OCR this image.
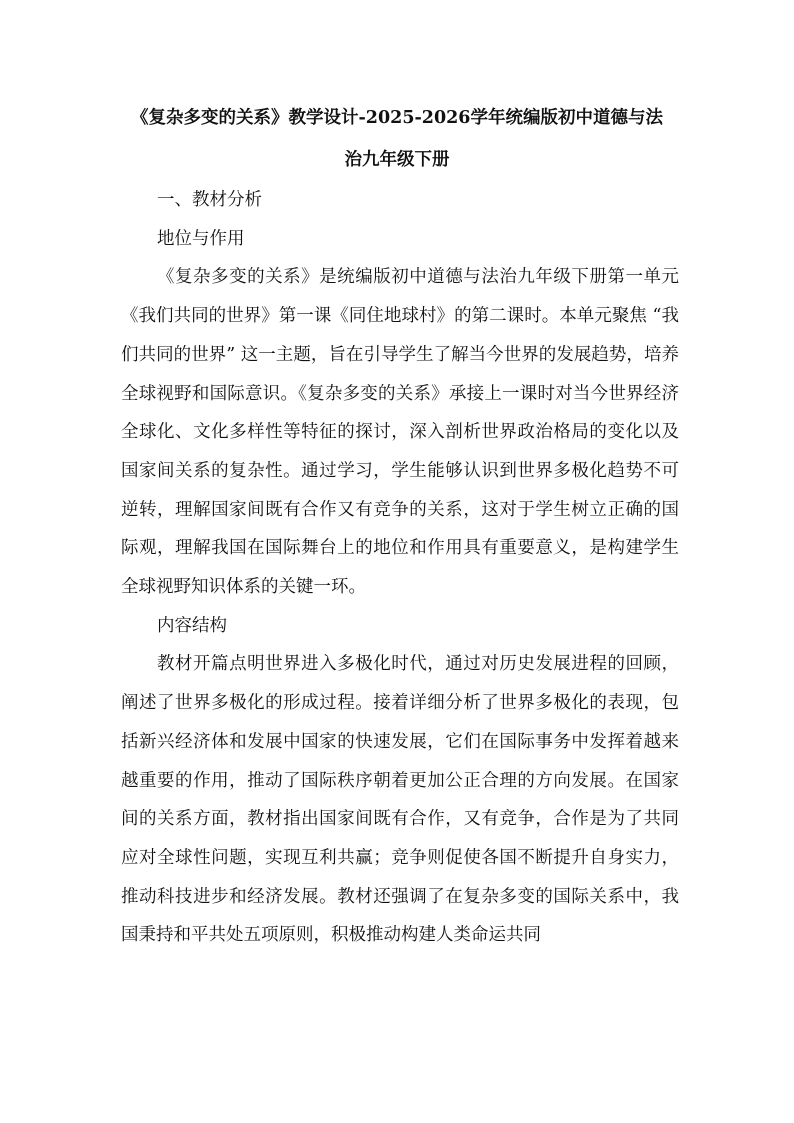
《复杂多变的关系》教学设计-2025-2026学年统编版初中道德与法
治九年级下册

一、教材分析

地位与作用

《复杂多变的关系》是统编版初中道德与法治九年级下册第一单元《我们共同的世界》第一课《同住地球村》的第二课时。本单元聚焦 “我们共同的世界” 这一主题，旨在引导学生了解当今世界的发展趋势，培养全球视野和国际意识。《复杂多变的关系》承接上一课时对当今世界经济全球化、文化多样性等特征的探讨，深入剖析世界政治格局的变化以及国家间关系的复杂性。通过学习，学生能够认识到世界多极化趋势不可逆转，理解国家间既有合作又有竞争的关系，这对于学生树立正确的国际观，理解我国在国际舞台上的地位和作用具有重要意义，是构建学生全球视野知识体系的关键一环。

内容结构

教材开篇点明世界进入多极化时代，通过对历史发展进程的回顾，阐述了世界多极化的形成过程。接着详细分析了世界多极化的表现，包括新兴经济体和发展中国家的快速发展，它们在国际事务中发挥着越来越重要的作用，推动了国际秩序朝着更加公正合理的方向发展。在国家间的关系方面，教材指出国家间既有合作，又有竞争，合作是为了共同应对全球性问题，实现互利共赢；竞争则促使各国不断提升自身实力，推动科技进步和经济发展。教材还强调了在复杂多变的国际关系中，我国秉持和平共处五项原则，积极推动构建人类命运共同
